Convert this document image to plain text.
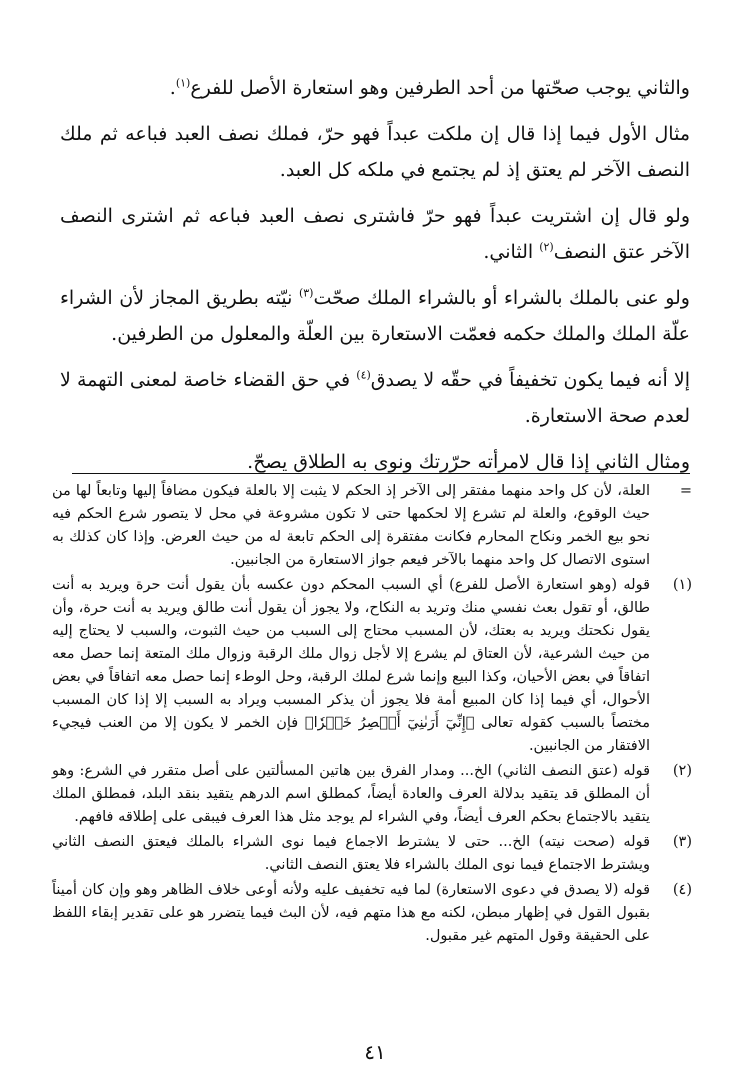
والثاني يوجب صحّتها من أحد الطرفين وهو استعارة الأصل للفرع$^{(١)}$.

مثال الأول فيما إذا قال إن ملكت عبداً فهو حرّ، فملك نصف العبد فباعه ثم ملك النصف الآخر لم يعتق إذ لم يجتمع في ملكه كل العبد.

ولو قال إن اشتريت عبداً فهو حرّ فاشترى نصف العبد فباعه ثم اشترى النصف الآخر عتق النصف$^{(٢)}$ الثاني.

ولو عنى بالملك بالشراء أو بالشراء الملك صحّت$^{(٣)}$ نيّته بطريق المجاز لأن الشراء علّة الملك والملك حكمه فعمّت الاستعارة بين العلّة والمعلول من الطرفين.

إلا أنه فيما يكون تخفيفاً في حقّه لا يصدق$^{(٤)}$ في حق القضاء خاصة لمعنى التهمة لا لعدم صحة الاستعارة.

ومثال الثاني إذا قال لامرأته حرّرتك ونوى به الطلاق يصحّ.

=
العلة، لأن كل واحد منهما مفتقر إلى الآخر إذ الحكم لا يثبت إلا بالعلة فيكون مضافاً إليها وتابعاً لها من حيث الوقوع، والعلة لم تشرع إلا لحكمها حتى لا تكون مشروعة في محل لا يتصور شرع الحكم فيه نحو بيع الخمر ونكاح المحارم فكانت مفتقرة إلى الحكم تابعة له من حيث العرض. وإذا كان كذلك به استوى الاتصال كل واحد منهما بالآخر فيعم جواز الاستعارة من الجانبين.
(١)
قوله (وهو استعارة الأصل للفرع) أي السبب المحكم دون عكسه بأن يقول أنت حرة ويريد به أنت طالق، أو تقول بعث نفسي منك وتريد به النكاح، ولا يجوز أن يقول أنت طالق ويريد به أنت حرة، وأن يقول نكحتك ويريد به بعتك، لأن المسبب محتاج إلى السبب من حيث الثبوت، والسبب لا يحتاج إليه من حيث الشرعية، لأن العتاق لم يشرع إلا لأجل زوال ملك الرقبة وزوال ملك المتعة إنما حصل معه اتفاقاً في بعض الأحيان، وكذا البيع وإنما شرع لملك الرقبة، وحل الوطء إنما حصل معه اتفاقاً في بعض الأحوال، أي فيما إذا كان المبيع أمة فلا يجوز أن يذكر المسبب ويراد به السبب إلا إذا كان المسبب مختصاً بالسبب كقوله تعالى ﴿إِنِّيٓ أَرَىٰنِيٓ أَعۡصِرُ خَمۡرٗا﴾ فإن الخمر لا يكون إلا من العنب فيجيء الافتقار من الجانبين.
(٢)
قوله (عتق النصف الثاني) الخ... ومدار الفرق بين هاتين المسألتين على أصل متقرر في الشرع: وهو أن المطلق قد يتقيد بدلالة العرف والعادة أيضاً، كمطلق اسم الدرهم يتقيد بنقد البلد، فمطلق الملك يتقيد بالاجتماع بحكم العرف أيضاً، وفي الشراء لم يوجد مثل هذا العرف فيبقى على إطلاقه فافهم.
(٣)
قوله (صحت نيته) الخ... حتى لا يشترط الاجماع فيما نوى الشراء بالملك فيعتق النصف الثاني ويشترط الاجتماع فيما نوى الملك بالشراء فلا يعتق النصف الثاني.
(٤)
قوله (لا يصدق في دعوى الاستعارة) لما فيه تخفيف عليه ولأنه أوعى خلاف الظاهر وهو وإن كان أميناً بقبول القول في إظهار مبطن، لكنه مع هذا متهم فيه، لأن البث فيما يتضرر هو على تقدير إبقاء اللفظ على الحقيقة وقول المتهم غير مقبول.
٤١
